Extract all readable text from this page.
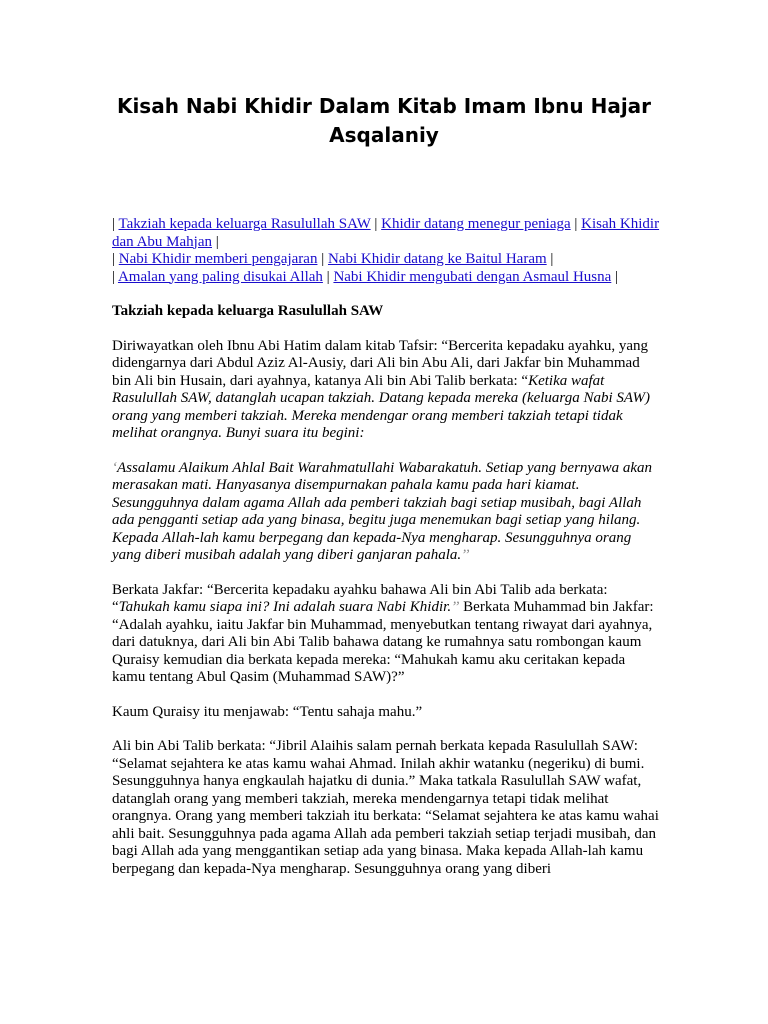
Kisah Nabi Khidir Dalam Kitab Imam Ibnu Hajar
Asqalaniy
| Takziah kepada keluarga Rasulullah SAW | Khidir datang menegur peniaga | Kisah Khidir dan Abu Mahjan |
| Nabi Khidir memberi pengajaran | Nabi Khidir datang ke Baitul Haram |
| Amalan yang paling disukai Allah | Nabi Khidir mengubati dengan Asmaul Husna |
Takziah kepada keluarga Rasulullah SAW

Diriwayatkan oleh Ibnu Abi Hatim dalam kitab Tafsir: “Bercerita kepadaku ayahku, yang didengarnya dari Abdul Aziz Al-Ausiy, dari Ali bin Abu Ali, dari Jakfar bin Muhammad bin Ali bin Husain, dari ayahnya, katanya Ali bin Abi Talib berkata: “Ketika wafat Rasulullah SAW, datanglah ucapan takziah. Datang kepada mereka (keluarga Nabi SAW) orang yang memberi takziah. Mereka mendengar orang memberi takziah tetapi tidak melihat orangnya. Bunyi suara itu begini:

‘Assalamu Alaikum Ahlal Bait Warahmatullahi Wabarakatuh. Setiap yang bernyawa akan merasakan mati. Hanyasanya disempurnakan pahala kamu pada hari kiamat. Sesungguhnya dalam agama Allah ada pemberi takziah bagi setiap musibah, bagi Allah ada pengganti setiap ada yang binasa, begitu juga menemukan bagi setiap yang hilang. Kepada Allah-lah kamu berpegang dan kepada-Nya mengharap. Sesungguhnya orang yang diberi musibah adalah yang diberi ganjaran pahala.’’

Berkata Jakfar: “Bercerita kepadaku ayahku bahawa Ali bin Abi Talib ada berkata: “Tahukah kamu siapa ini? Ini adalah suara Nabi Khidir.’’ Berkata Muhammad bin Jakfar: “Adalah ayahku, iaitu Jakfar bin Muhammad, menyebutkan tentang riwayat dari ayahnya, dari datuknya, dari Ali bin Abi Talib bahawa datang ke rumahnya satu rombongan kaum Quraisy kemudian dia berkata kepada mereka: “Mahukah kamu aku ceritakan kepada kamu tentang Abul Qasim (Muhammad SAW)?”

Kaum Quraisy itu menjawab: “Tentu sahaja mahu.”

Ali bin Abi Talib berkata: “Jibril Alaihis salam pernah berkata kepada Rasulullah SAW: “Selamat sejahtera ke atas kamu wahai Ahmad. Inilah akhir watanku (negeriku) di bumi. Sesungguhnya hanya engkaulah hajatku di dunia.” Maka tatkala Rasulullah SAW wafat, datanglah orang yang memberi takziah, mereka mendengarnya tetapi tidak melihat orangnya. Orang yang memberi takziah itu berkata: “Selamat sejahtera ke atas kamu wahai ahli bait. Sesungguhnya pada agama Allah ada pemberi takziah setiap terjadi musibah, dan bagi Allah ada yang menggantikan setiap ada yang binasa. Maka kepada Allah-lah kamu berpegang dan kepada-Nya mengharap. Sesungguhnya orang yang diberi
